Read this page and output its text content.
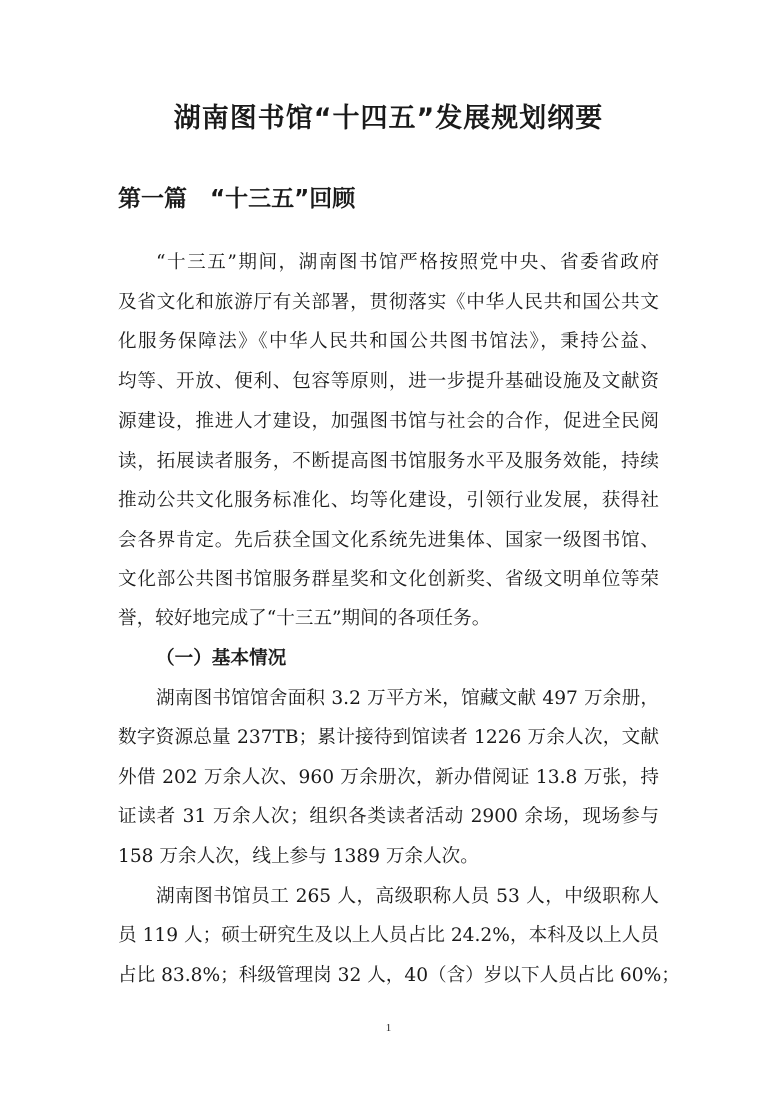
湖南图书馆“十四五”发展规划纲要
第一篇　“十三五”回顾

“十三五”期间，湖南图书馆严格按照党中央、省委省政府

及省文化和旅游厅有关部署，贯彻落实《中华人民共和国公共文

化服务保障法》《中华人民共和国公共图书馆法》，秉持公益、

均等、开放、便利、包容等原则，进一步提升基础设施及文献资

源建设，推进人才建设，加强图书馆与社会的合作，促进全民阅

读，拓展读者服务，不断提高图书馆服务水平及服务效能，持续

推动公共文化服务标准化、均等化建设，引领行业发展，获得社

会各界肯定。先后获全国文化系统先进集体、国家一级图书馆、

文化部公共图书馆服务群星奖和文化创新奖、省级文明单位等荣

誉，较好地完成了“十三五”期间的各项任务。

（一）基本情况

湖南图书馆馆舍面积 3.2 万平方米，馆藏文献 497 万余册，

数字资源总量 237TB；累计接待到馆读者 1226 万余人次，文献

外借 202 万余人次、960 万余册次，新办借阅证 13.8 万张，持

证读者 31 万余人次；组织各类读者活动 2900 余场，现场参与

158 万余人次，线上参与 1389 万余人次。

湖南图书馆员工 265 人，高级职称人员 53 人，中级职称人

员 119 人；硕士研究生及以上人员占比 24.2%，本科及以上人员

占比 83.8%；科级管理岗 32 人，40（含）岁以下人员占比 60%；

1
